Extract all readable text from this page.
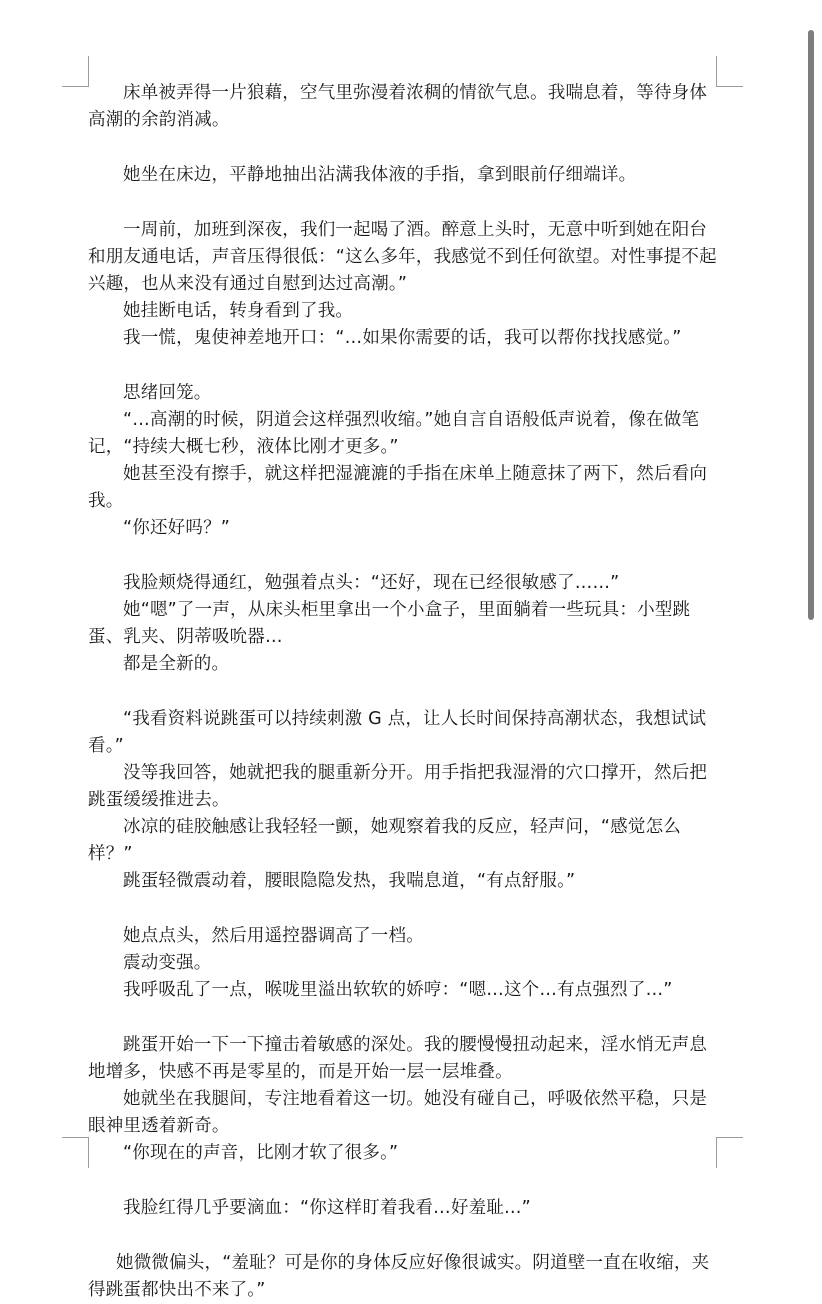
床单被弄得一片狼藉，空气里弥漫着浓稠的情欲气息。我喘息着，等待身体高潮的余韵消减。

她坐在床边，平静地抽出沾满我体液的手指，拿到眼前仔细端详。

一周前，加班到深夜，我们一起喝了酒。醉意上头时，无意中听到她在阳台和朋友通电话，声音压得很低：“这么多年，我感觉不到任何欲望。对性事提不起兴趣，也从来没有通过自慰到达过高潮。”

她挂断电话，转身看到了我。

我一慌，鬼使神差地开口：“…如果你需要的话，我可以帮你找找感觉。”

思绪回笼。

“…高潮的时候，阴道会这样强烈收缩。”她自言自语般低声说着，像在做笔记，“持续大概七秒，液体比刚才更多。”

她甚至没有擦手，就这样把湿漉漉的手指在床单上随意抹了两下，然后看向我。

“你还好吗？”

我脸颊烧得通红，勉强着点头：“还好，现在已经很敏感了……”

她“嗯”了一声，从床头柜里拿出一个小盒子，里面躺着一些玩具：小型跳蛋、乳夹、阴蒂吸吮器…

都是全新的。

“我看资料说跳蛋可以持续刺激 G 点，让人长时间保持高潮状态，我想试试看。”

没等我回答，她就把我的腿重新分开。用手指把我湿滑的穴口撑开，然后把跳蛋缓缓推进去。

冰凉的硅胶触感让我轻轻一颤，她观察着我的反应，轻声问，“感觉怎么样？”

跳蛋轻微震动着，腰眼隐隐发热，我喘息道，“有点舒服。”

她点点头，然后用遥控器调高了一档。

震动变强。

我呼吸乱了一点，喉咙里溢出软软的娇哼：“嗯…这个…有点强烈了…”

跳蛋开始一下一下撞击着敏感的深处。我的腰慢慢扭动起来，淫水悄无声息地增多，快感不再是零星的，而是开始一层一层堆叠。

她就坐在我腿间，专注地看着这一切。她没有碰自己，呼吸依然平稳，只是眼神里透着新奇。

“你现在的声音，比刚才软了很多。”

我脸红得几乎要滴血：“你这样盯着我看…好羞耻…”

她微微偏头，“羞耻？可是你的身体反应好像很诚实。阴道壁一直在收缩，夹得跳蛋都快出不来了。”
